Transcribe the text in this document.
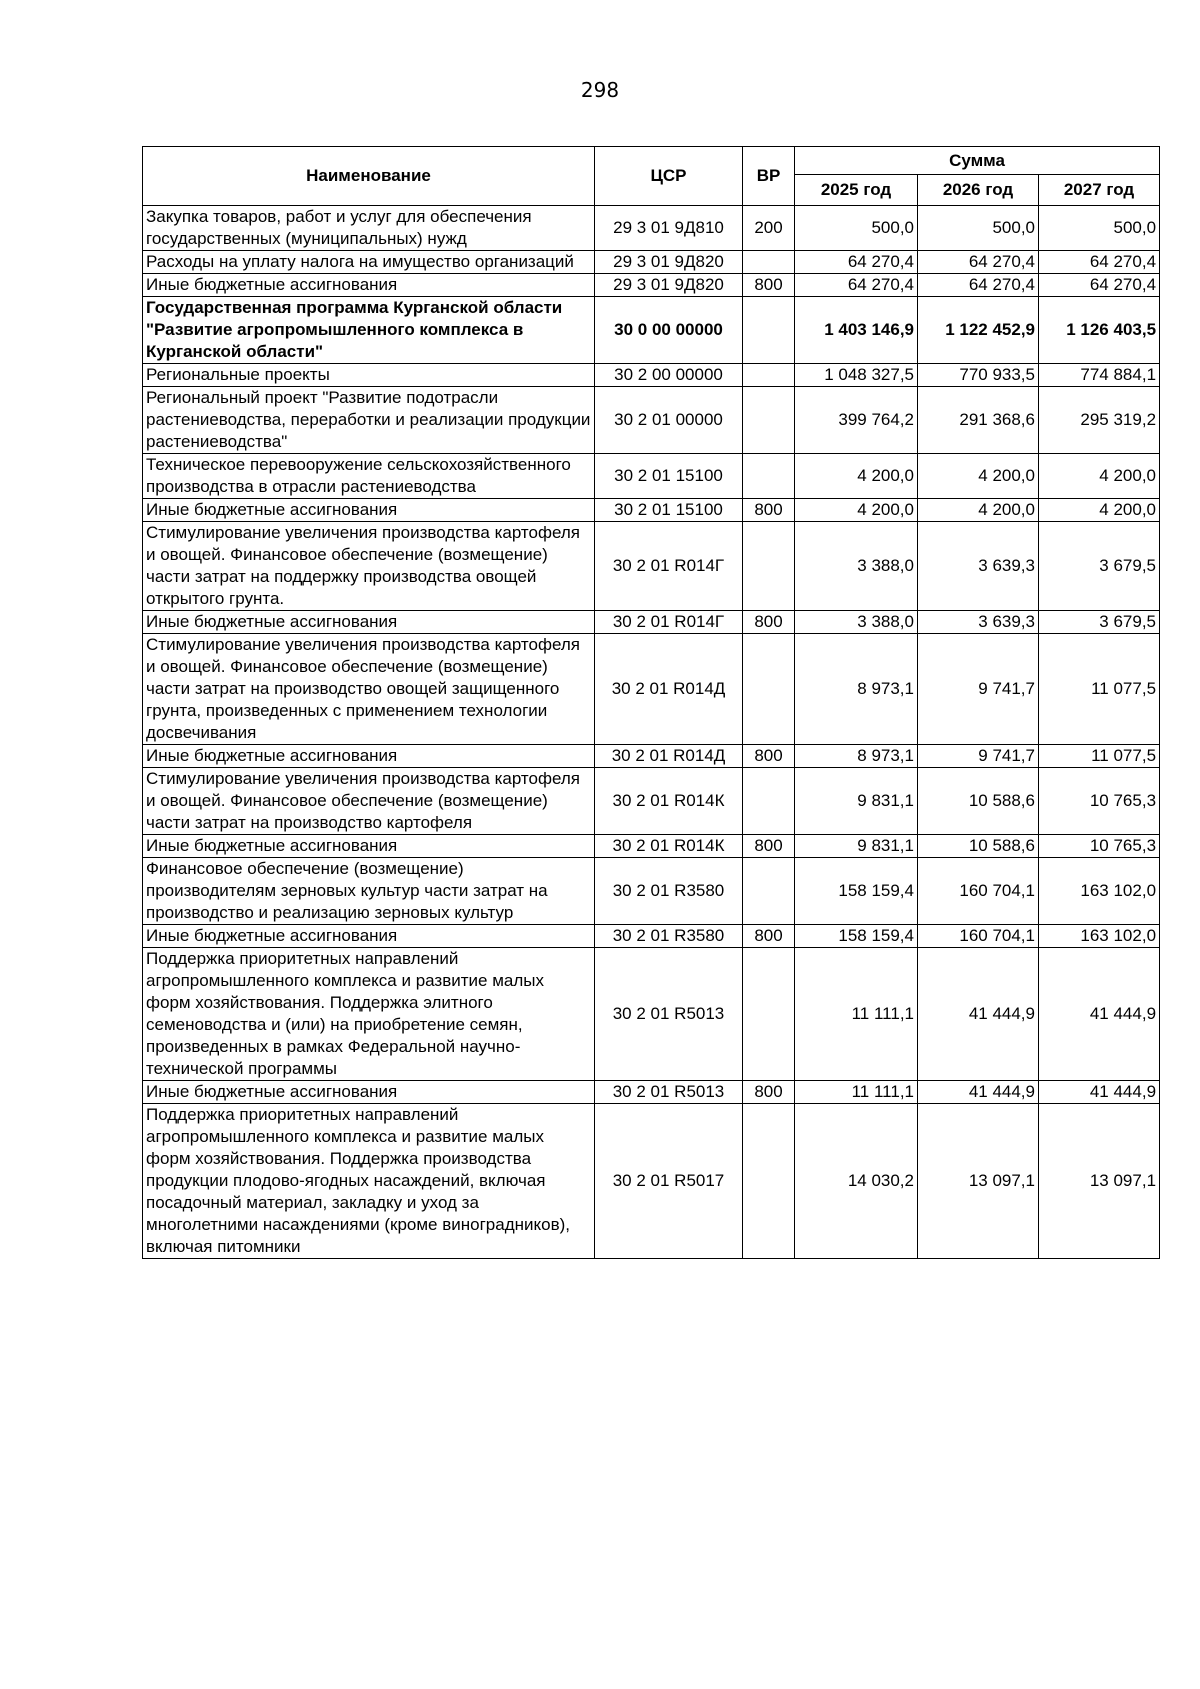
298
Наименование	ЦСР	ВР	Сумма		
			2025 год	2026 год	2027 год
Закупка товаров, работ и услуг для обеспечения государственных (муниципальных) нужд	29 3 01 9Д810	200	500,0	500,0	500,0
Расходы на уплату налога на имущество организаций	29 3 01 9Д820		64 270,4	64 270,4	64 270,4
Иные бюджетные ассигнования	29 3 01 9Д820	800	64 270,4	64 270,4	64 270,4
Государственная программа Курганской области "Развитие агропромышленного комплекса в Курганской области"	30 0 00 00000		1 403 146,9	1 122 452,9	1 126 403,5
Региональные проекты	30 2 00 00000		1 048 327,5	770 933,5	774 884,1
Региональный проект "Развитие подотрасли растениеводства, переработки и реализации продукции растениеводства"	30 2 01 00000		399 764,2	291 368,6	295 319,2
Техническое перевооружение сельскохозяйственного производства в отрасли растениеводства	30 2 01 15100		4 200,0	4 200,0	4 200,0
Иные бюджетные ассигнования	30 2 01 15100	800	4 200,0	4 200,0	4 200,0
Стимулирование увеличения производства картофеля и овощей. Финансовое обеспечение (возмещение) части затрат на поддержку производства овощей открытого грунта.	30 2 01 R014Г		3 388,0	3 639,3	3 679,5
Иные бюджетные ассигнования	30 2 01 R014Г	800	3 388,0	3 639,3	3 679,5
Стимулирование увеличения производства картофеля и овощей. Финансовое обеспечение (возмещение) части затрат на производство овощей защищенного грунта, произведенных с применением технологии досвечивания	30 2 01 R014Д		8 973,1	9 741,7	11 077,5
Иные бюджетные ассигнования	30 2 01 R014Д	800	8 973,1	9 741,7	11 077,5
Стимулирование увеличения производства картофеля и овощей. Финансовое обеспечение (возмещение) части затрат на производство картофеля	30 2 01 R014К		9 831,1	10 588,6	10 765,3
Иные бюджетные ассигнования	30 2 01 R014К	800	9 831,1	10 588,6	10 765,3
Финансовое обеспечение (возмещение) производителям зерновых культур части затрат на производство и реализацию зерновых культур	30 2 01 R3580		158 159,4	160 704,1	163 102,0
Иные бюджетные ассигнования	30 2 01 R3580	800	158 159,4	160 704,1	163 102,0
Поддержка приоритетных направлений агропромышленного комплекса и развитие малых форм хозяйствования. Поддержка элитного семеноводства и (или) на приобретение семян, произведенных в рамках Федеральной научно-технической программы	30 2 01 R5013		11 111,1	41 444,9	41 444,9
Иные бюджетные ассигнования	30 2 01 R5013	800	11 111,1	41 444,9	41 444,9
Поддержка приоритетных направлений агропромышленного комплекса и развитие малых форм хозяйствования. Поддержка производства продукции плодово-ягодных насаждений, включая посадочный материал, закладку и уход за многолетними насаждениями (кроме виноградников), включая питомники	30 2 01 R5017		14 030,2	13 097,1	13 097,1
